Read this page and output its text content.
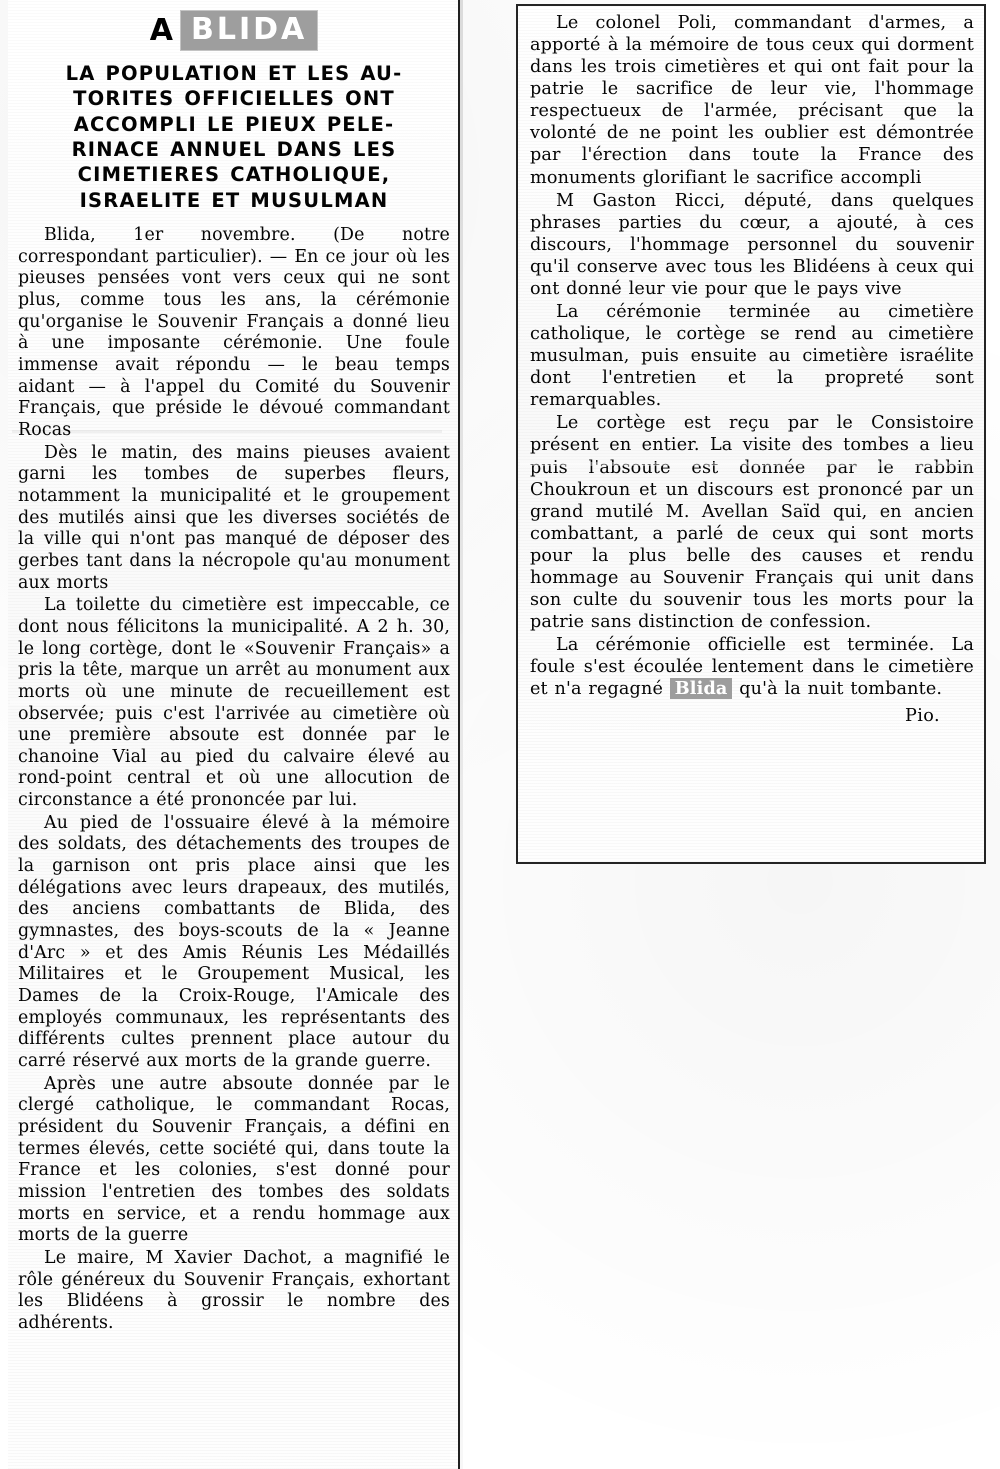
A BLIDA
LA POPULATION ET LES AU-
TORITES OFFICIELLES ONT
ACCOMPLI LE PIEUX PELE-
RINACE ANNUEL DANS LES
CIMETIERES CATHOLIQUE,
ISRAELITE ET MUSULMAN

Blida, 1er novembre. (De notre correspondant particulier). — En ce jour où les pieuses pensées vont vers ceux qui ne sont plus, comme tous les ans, la cérémonie qu'organise le Souvenir Français a donné lieu à une imposante cérémonie. Une foule immense avait répondu — le beau temps aidant — à l'appel du Comité du Souvenir Français, que préside le dévoué commandant Rocas

Dès le matin, des mains pieuses avaient garni les tombes de superbes fleurs, notamment la municipalité et le groupement des mutilés ainsi que les diverses sociétés de la ville qui n'ont pas manqué de déposer des gerbes tant dans la nécropole qu'au monument aux morts

La toilette du cimetière est impeccable, ce dont nous félicitons la municipalité. A 2 h. 30, le long cortège, dont le «Souvenir Français» a pris la tête, marque un arrêt au monument aux morts où une minute de recueillement est observée; puis c'est l'arrivée au cimetière où une première absoute est donnée par le chanoine Vial au pied du calvaire élevé au rond-point central et où une allocution de circonstance a été prononcée par lui.

Au pied de l'ossuaire élevé à la mémoire des soldats, des détachements des troupes de la garnison ont pris place ainsi que les délégations avec leurs drapeaux, des mutilés, des anciens combattants de Blida, des gymnastes, des boys-scouts de la « Jeanne d'Arc » et des Amis Réunis Les Médaillés Militaires et le Groupement Musical, les Dames de la Croix-Rouge, l'Amicale des employés communaux, les représentants des différents cultes prennent place autour du carré réservé aux morts de la grande guerre.

Après une autre absoute donnée par le clergé catholique, le commandant Rocas, président du Souvenir Français, a défini en termes élevés, cette société qui, dans toute la France et les colonies, s'est donné pour mission l'entretien des tombes des soldats morts en service, et a rendu hommage aux morts de la guerre

Le maire, M Xavier Dachot, a magnifié le rôle généreux du Souvenir Français, exhortant les Blidéens à grossir le nombre des adhérents.

Le colonel Poli, commandant d'armes, a apporté à la mémoire de tous ceux qui dorment dans les trois cimetières et qui ont fait pour la patrie le sacrifice de leur vie, l'hommage respectueux de l'armée, précisant que la volonté de ne point les oublier est démontrée par l'érection dans toute la France des monuments glorifiant le sacrifice accompli

M Gaston Ricci, député, dans quelques phrases parties du cœur, a ajouté, à ces discours, l'hommage personnel du souvenir qu'il conserve avec tous les Blidéens à ceux qui ont donné leur vie pour que le pays vive

La cérémonie terminée au cimetière catholique, le cortège se rend au cimetière musulman, puis ensuite au cimetière israélite dont l'entretien et la propreté sont remarquables.

Le cortège est reçu par le Consistoire présent en entier. La visite des tombes a lieu puis l'absoute est donnée par le rabbin Choukroun et un discours est prononcé par un grand mutilé M. Avellan Saïd qui, en ancien combattant, a parlé de ceux qui sont morts pour la plus belle des causes et rendu hommage au Souvenir Français qui unit dans son culte du souvenir tous les morts pour la patrie sans distinction de confession.

La cérémonie officielle est terminée. La foule s'est écoulée lentement dans le cimetière et n'a regagné Blida qu'à la nuit tombante.

Pio.
